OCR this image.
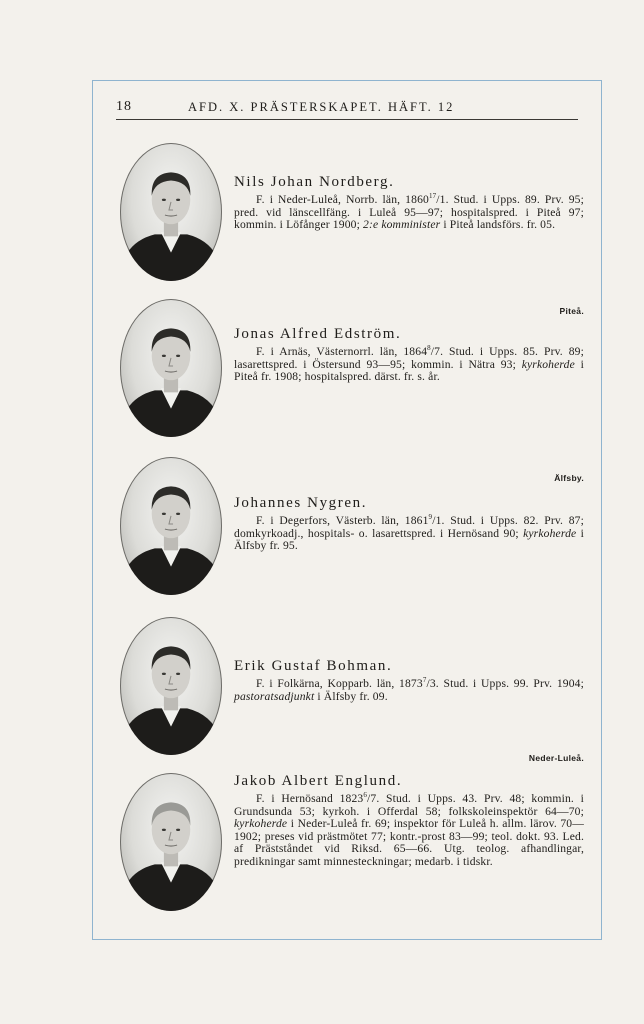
18	AFD. X. PRÄSTERSKAPET. HÄFT. 12
Nils Johan Nordberg.
F. i Neder-Luleå, Norrb. län, 1860$^{17}$/1. Stud. i Upps. 89. Prv. 95; pred. vid länscellfäng. i Luleå 95—97; hospitalspred. i Piteå 97; kommin. i Löfånger 1900; 2:e komminister i Piteå landsförs. fr. 05.
Piteå.
Jonas Alfred Edström.
F. i Arnäs, Västernorrl. län, 1864$^8$/7. Stud. i Upps. 85. Prv. 89; lasarettspred. i Östersund 93—95; kommin. i Nätra 93; kyrkoherde i Piteå fr. 1908; hospitalspred. därst. fr. s. år.
Älfsby.
Johannes Nygren.
F. i Degerfors, Västerb. län, 1861$^9$/1. Stud. i Upps. 82. Prv. 87; domkyrkoadj., hospitals- o. lasarettspred. i Hernösand 90; kyrkoherde i Älfsby fr. 95.
Erik Gustaf Bohman.
F. i Folkärna, Kopparb. län, 1873$^7$/3. Stud. i Upps. 99. Prv. 1904; pastoratsadjunkt i Älfsby fr. 09.
Neder-Luleå.
Jakob Albert Englund.
F. i Hernösand 1823$^6$/7. Stud. i Upps. 43. Prv. 48; kommin. i Grundsunda 53; kyrkoh. i Offerdal 58; folkskoleinspektör 64—70; kyrkoherde i Neder-Luleå fr. 69; inspektor för Luleå h. allm. lärov. 70—1902; preses vid prästmötet 77; kontr.-prost 83—99; teol. dokt. 93. Led. af Prästståndet vid Riksd. 65—66. Utg. teolog. afhandlingar, predikningar samt minnesteckningar; medarb. i tidskr.
